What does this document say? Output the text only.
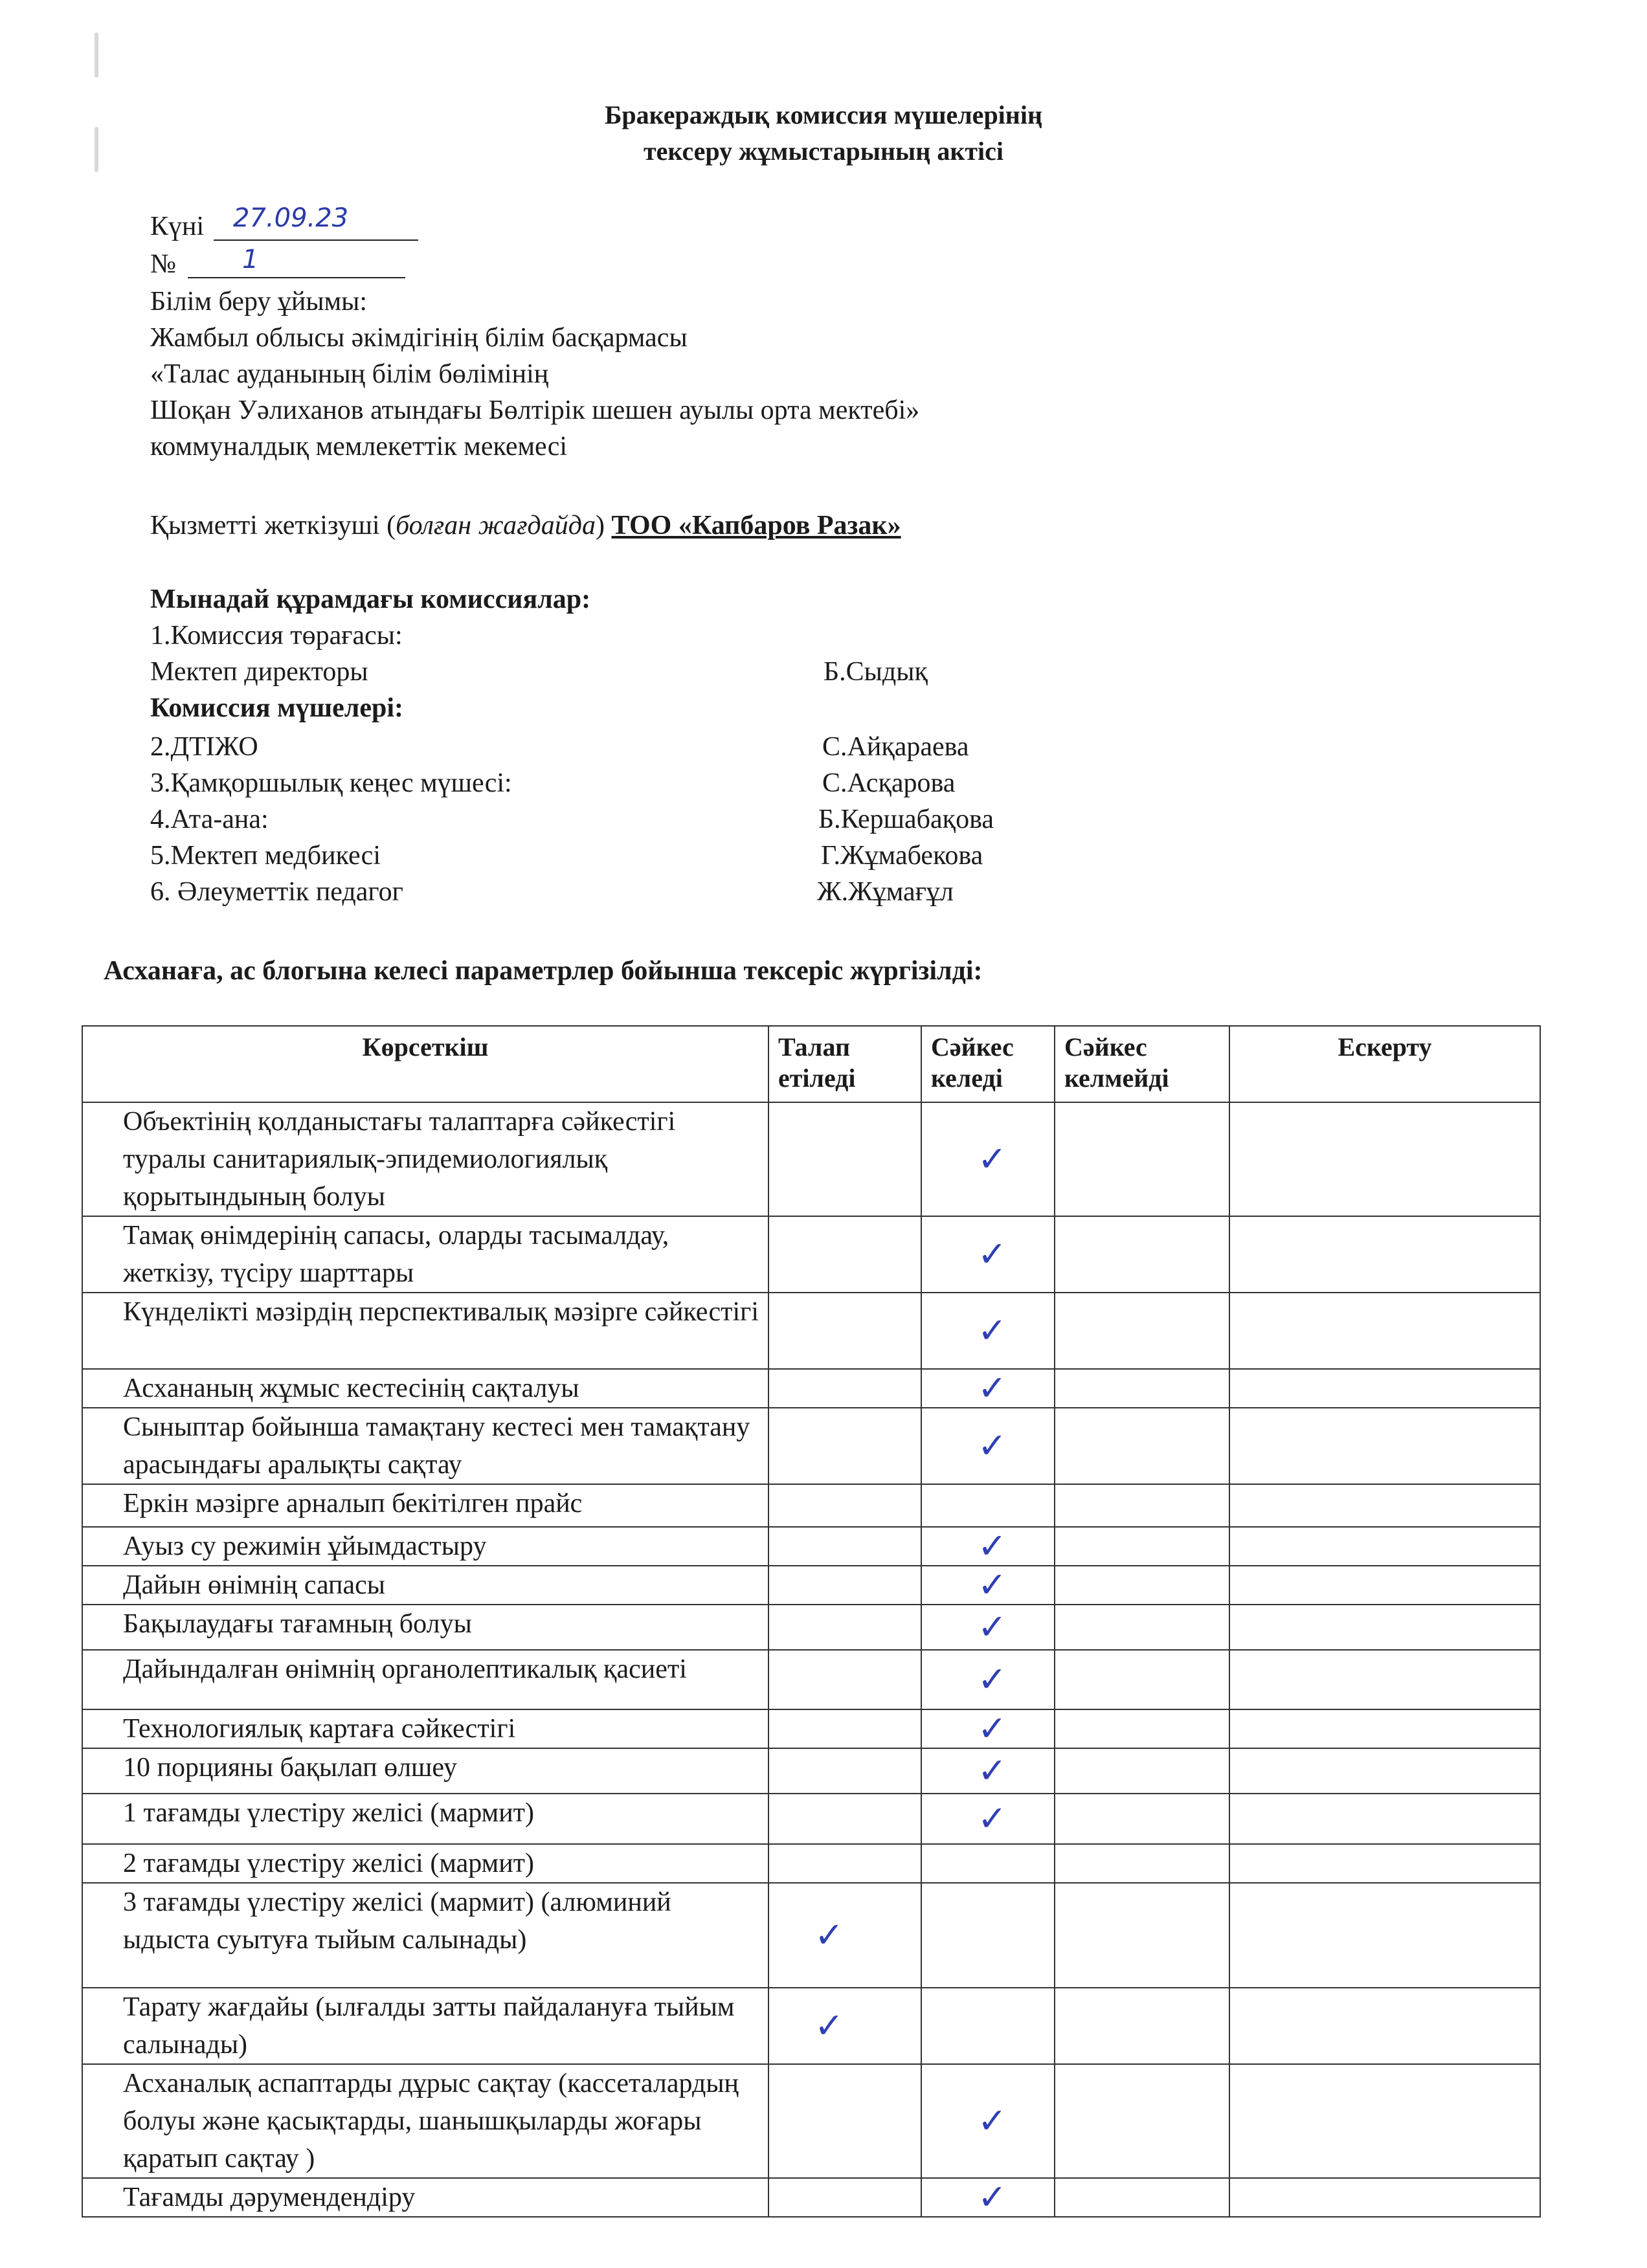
Бракераждық комиссия мүшелерінің
тексеру жұмыстарының актісі
Күні 27.09.23
№	1
Білім беру ұйымы:
Жамбыл облысы әкімдігінің білім басқармасы
«Талас ауданының білім бөлімінің
Шоқан Уәлиханов атындағы Бөлтірік шешен ауылы орта мектебі»
коммуналдық мемлекеттік мекемесі
Қызметті жеткізуші (болған жағдайда) ТОО «Капбаров Разак»
Мынадай құрамдағы комиссиялар:
1.Комиссия төрағасы:
Мектеп директоры	Б.Сыдық
Комиссия мүшелері:
2.ДТІЖО	С.Айқараева
3.Қамқоршылық кеңес мүшесі:	С.Асқарова
4.Ата-ана:	Б.Кершабақова
5.Мектеп медбикесі	Г.Жұмабекова
6. Әлеуметтік педагог	Ж.Жұмағұл
Асханаға, ас блогына келесі параметрлер бойынша тексеріс жүргізілді:
Көрсеткіш	Талап етіледі	Сәйкес келеді	Сәйкес келмейді	Ескерту
Объектінің қолданыстағы талаптарға сәйкестігі туралы санитариялық-эпидемиологиялық қорытындының болуы		✓		

Тамақ өнімдерінің сапасы, оларды тасымалдау, жеткізу, түсіру шарттары		✓		

Күнделікті мәзірдің перспективалық мәзірге сәйкестігі		✓		

Асхананың жұмыс кестесінің сақталуы		✓		

Сыныптар бойынша тамақтану кестесі мен тамақтану арасындағы аралықты сақтау		✓		

Еркін мәзірге арналып бекітілген прайс				
Ауыз су режимін ұйымдастыру		✓		

Дайын өнімнің сапасы		✓		

Бақылаудағы тағамның болуы		✓		

Дайындалған өнімнің органолептикалық қасиеті		✓		

Технологиялық картаға сәйкестігі		✓		

10 порцияны бақылап өлшеу		✓		

1 тағамды үлестіру желісі (мармит)		✓		

2 тағамды үлестіру желісі (мармит)				
3 тағамды үлестіру желісі (мармит) (алюминий ыдыста суытуға тыйым салынады)	✓			

Тарату жағдайы (ылғалды затты пайдалануға тыйым салынады)	✓			

Асханалық аспаптарды дұрыс сақтау (кассеталардың болуы және қасықтарды, шанышқыларды жоғары қаратып сақтау )		✓		

Тағамды дәрумендендіру		✓		
